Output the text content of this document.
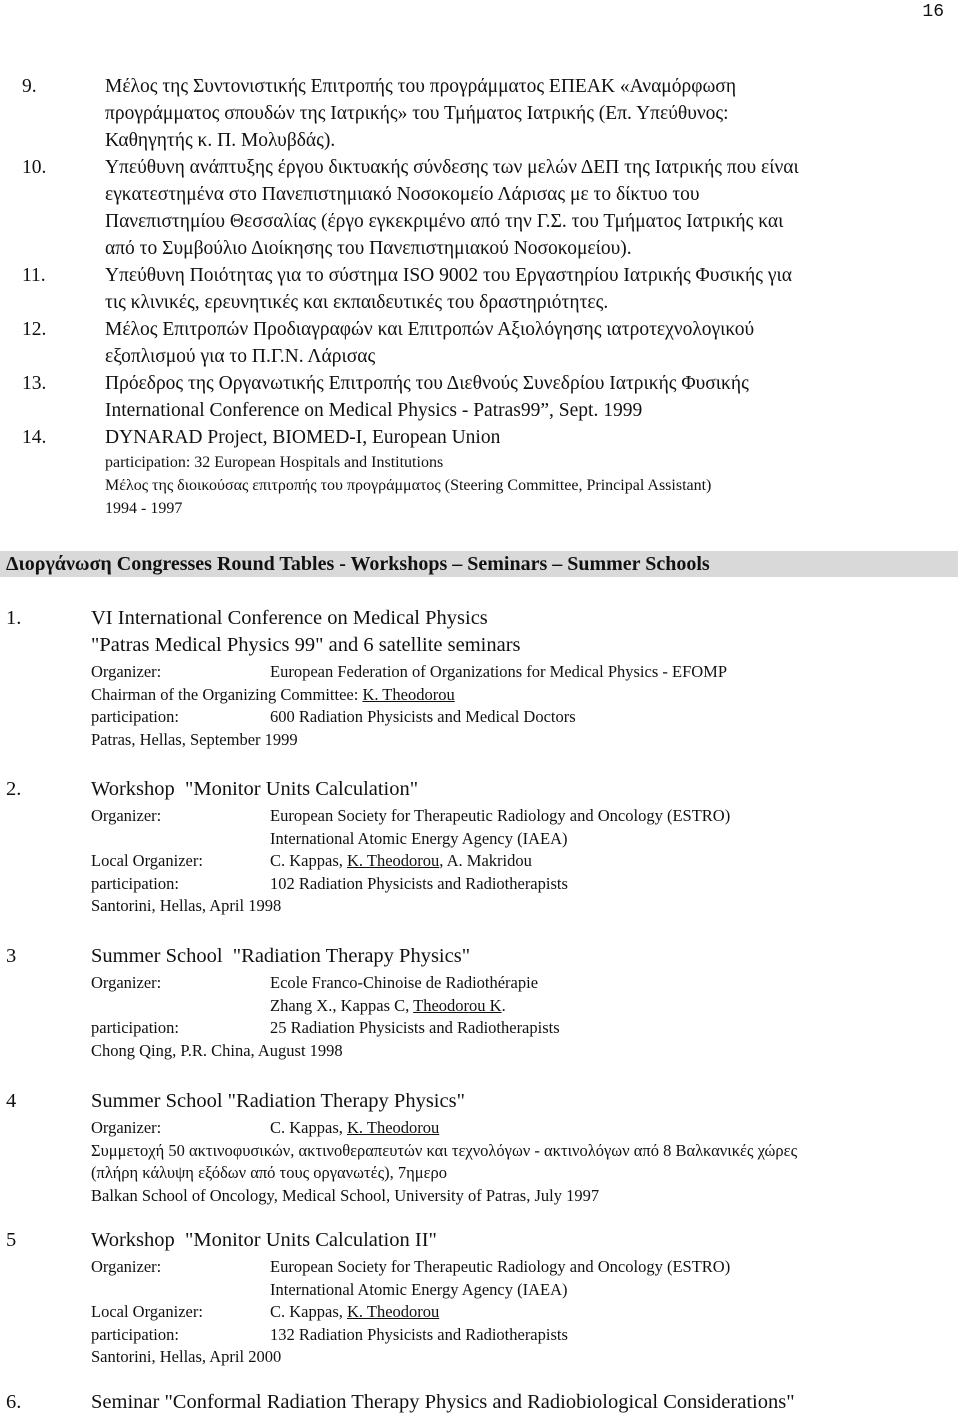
16
9.	Μέλος της Συντονιστικής Επιτροπής του προγράμματος ΕΠΕΑΚ «Αναμόρφωση
προγράμματος σπουδών της Ιατρικής» του Τμήματος Ιατρικής (Επ. Υπεύθυνος:
Καθηγητής κ. Π. Μολυβδάς).
10.	Υπεύθυνη ανάπτυξης έργου δικτυακής σύνδεσης των μελών ΔΕΠ της Ιατρικής που είναι
εγκατεστημένα στο Πανεπιστημιακό Νοσοκομείο Λάρισας με το δίκτυο του
Πανεπιστημίου Θεσσαλίας (έργο εγκεκριμένο από την Γ.Σ. του Τμήματος Ιατρικής και
από το Συμβούλιο Διοίκησης του Πανεπιστημιακού Νοσοκομείου).
11.	Υπεύθυνη Ποιότητας για το σύστημα ISO 9002 του Εργαστηρίου Ιατρικής Φυσικής για
τις κλινικές, ερευνητικές και εκπαιδευτικές του δραστηριότητες.
12.	Μέλος Επιτροπών Προδιαγραφών και Επιτροπών Αξιολόγησης ιατροτεχνολογικού
εξοπλισμού για το Π.Γ.Ν. Λάρισας
13.	Πρόεδρος της Οργανωτικής Επιτροπής του Διεθνούς Συνεδρίου Ιατρικής Φυσικής
International Conference on Medical Physics - Patras99”, Sept. 1999
14.	DYNARAD Project, BIOMED-I, European Union
participation: 32 European Hospitals and Institutions
Μέλος της διοικούσας επιτροπής του προγράμματος (Steering Committee, Principal Assistant)
1994 - 1997
Διοργάνωση Congresses Round Tables - Workshops – Seminars – Summer Schools
1.	VI International Conference on Medical Physics
"Patras Medical Physics 99" and 6 satellite seminars
Organizer:	European Federation of Organizations for Medical Physics - EFOMP
Chairman of the Organizing Committee: K. Theodorou
participation:	600 Radiation Physicists and Medical Doctors
Patras, Hellas, September 1999
2.	Workshop  "Monitor Units Calculation"
Organizer:	European Society for Therapeutic Radiology and Oncology (ESTRO)
International Atomic Energy Agency (IAEA)
Local Organizer:	C. Kappas, K. Theodorou, A. Makridou
participation:	102 Radiation Physicists and Radiotherapists
Santorini, Hellas, April 1998
3	Summer School  "Radiation Therapy Physics"
Organizer:	Ecole Franco-Chinoise de Radiothérapie
Zhang X., Kappas C, Theodorou K.
participation:	25 Radiation Physicists and Radiotherapists
Chong Qing, P.R. China, August 1998
4	Summer School "Radiation Therapy Physics"
Organizer:	C. Kappas, K. Theodorou
Συμμετοχή 50 ακτινοφυσικών, ακτινοθεραπευτών και τεχνολόγων - ακτινολόγων από 8 Βαλκανικές χώρες
(πλήρη κάλυψη εξόδων από τους οργανωτές), 7ημερο
Balkan School of Oncology, Medical School, University of Patras, July 1997
5	Workshop  "Monitor Units Calculation II"
Organizer:	European Society for Therapeutic Radiology and Oncology (ESTRO)
International Atomic Energy Agency (IAEA)
Local Organizer:	C. Kappas, K. Theodorou
participation:	132 Radiation Physicists and Radiotherapists
Santorini, Hellas, April 2000
6.	Seminar "Conformal Radiation Therapy Physics and Radiobiological Considerations"
